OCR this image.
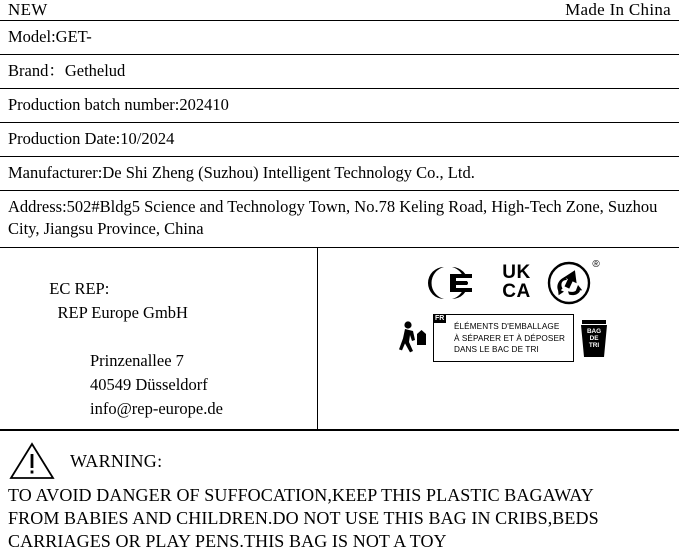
NEW	Made In China
Model:GET-
Brand：Gethelud
Production batch number:202410
Production Date:10/2024
Manufacturer:De Shi Zheng (Suzhou) Intelligent Technology Co., Ltd.
Address:502#Bldg5 Science and Technology Town, No.78 Keling Road, High-Tech Zone, Suzhou City, Jiangsu Province, China

EC REP:
REP Europe GmbH

Prinzenallee 7
40549 Düsseldorf
info@rep-europe.de
UK
CA
®
FR
ÉLÉMENTS D'EMBALLAGE
À SÉPARER ET À DÉPOSER
DANS LE BAC DE TRI
BAG
DE
TRI
WARNING:
TO AVOID DANGER OF SUFFOCATION,KEEP THIS PLASTIC BAGAWAY
FROM BABIES AND CHILDREN.DO NOT USE THIS BAG IN CRIBS,BEDS
CARRIAGES OR PLAY PENS.THIS BAG IS NOT A TOY
